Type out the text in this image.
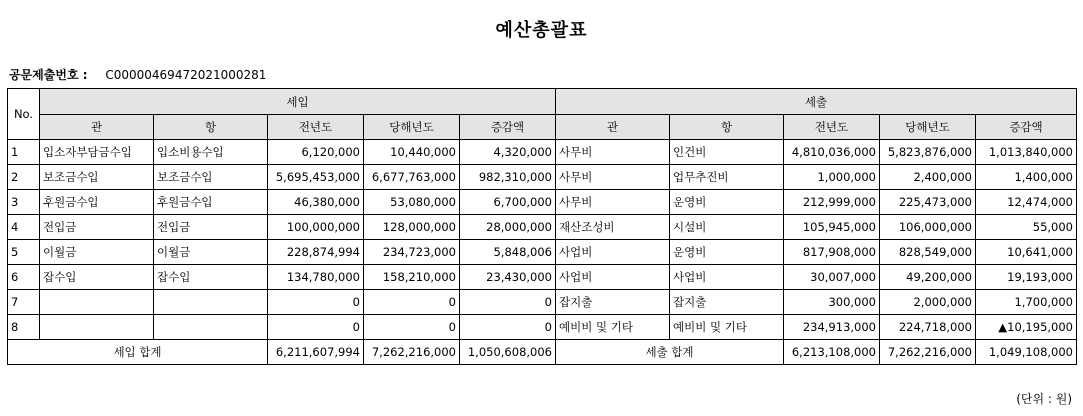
예산총괄표
공문제출번호 : C00000469472021000281
No.	세입					세출				
	관	항	전년도	당해년도	증감액	관	항	전년도	당해년도	증감액
1	입소자부담금수입	입소비용수입	6,120,000	10,440,000	4,320,000	사무비	인건비	4,810,036,000	5,823,876,000	1,013,840,000
2	보조금수입	보조금수입	5,695,453,000	6,677,763,000	982,310,000	사무비	업무추진비	1,000,000	2,400,000	1,400,000
3	후원금수입	후원금수입	46,380,000	53,080,000	6,700,000	사무비	운영비	212,999,000	225,473,000	12,474,000
4	전입금	전입금	100,000,000	128,000,000	28,000,000	재산조성비	시설비	105,945,000	106,000,000	55,000
5	이월금	이월금	228,874,994	234,723,000	5,848,006	사업비	운영비	817,908,000	828,549,000	10,641,000
6	잡수입	잡수입	134,780,000	158,210,000	23,430,000	사업비	사업비	30,007,000	49,200,000	19,193,000
7			0	0	0	잡지출	잡지출	300,000	2,000,000	1,700,000
8			0	0	0	예비비 및 기타	예비비 및 기타	234,913,000	224,718,000	▲10,195,000
세입 합계			6,211,607,994	7,262,216,000	1,050,608,006	세출 합계		6,213,108,000	7,262,216,000	1,049,108,000
(단위 : 원)
